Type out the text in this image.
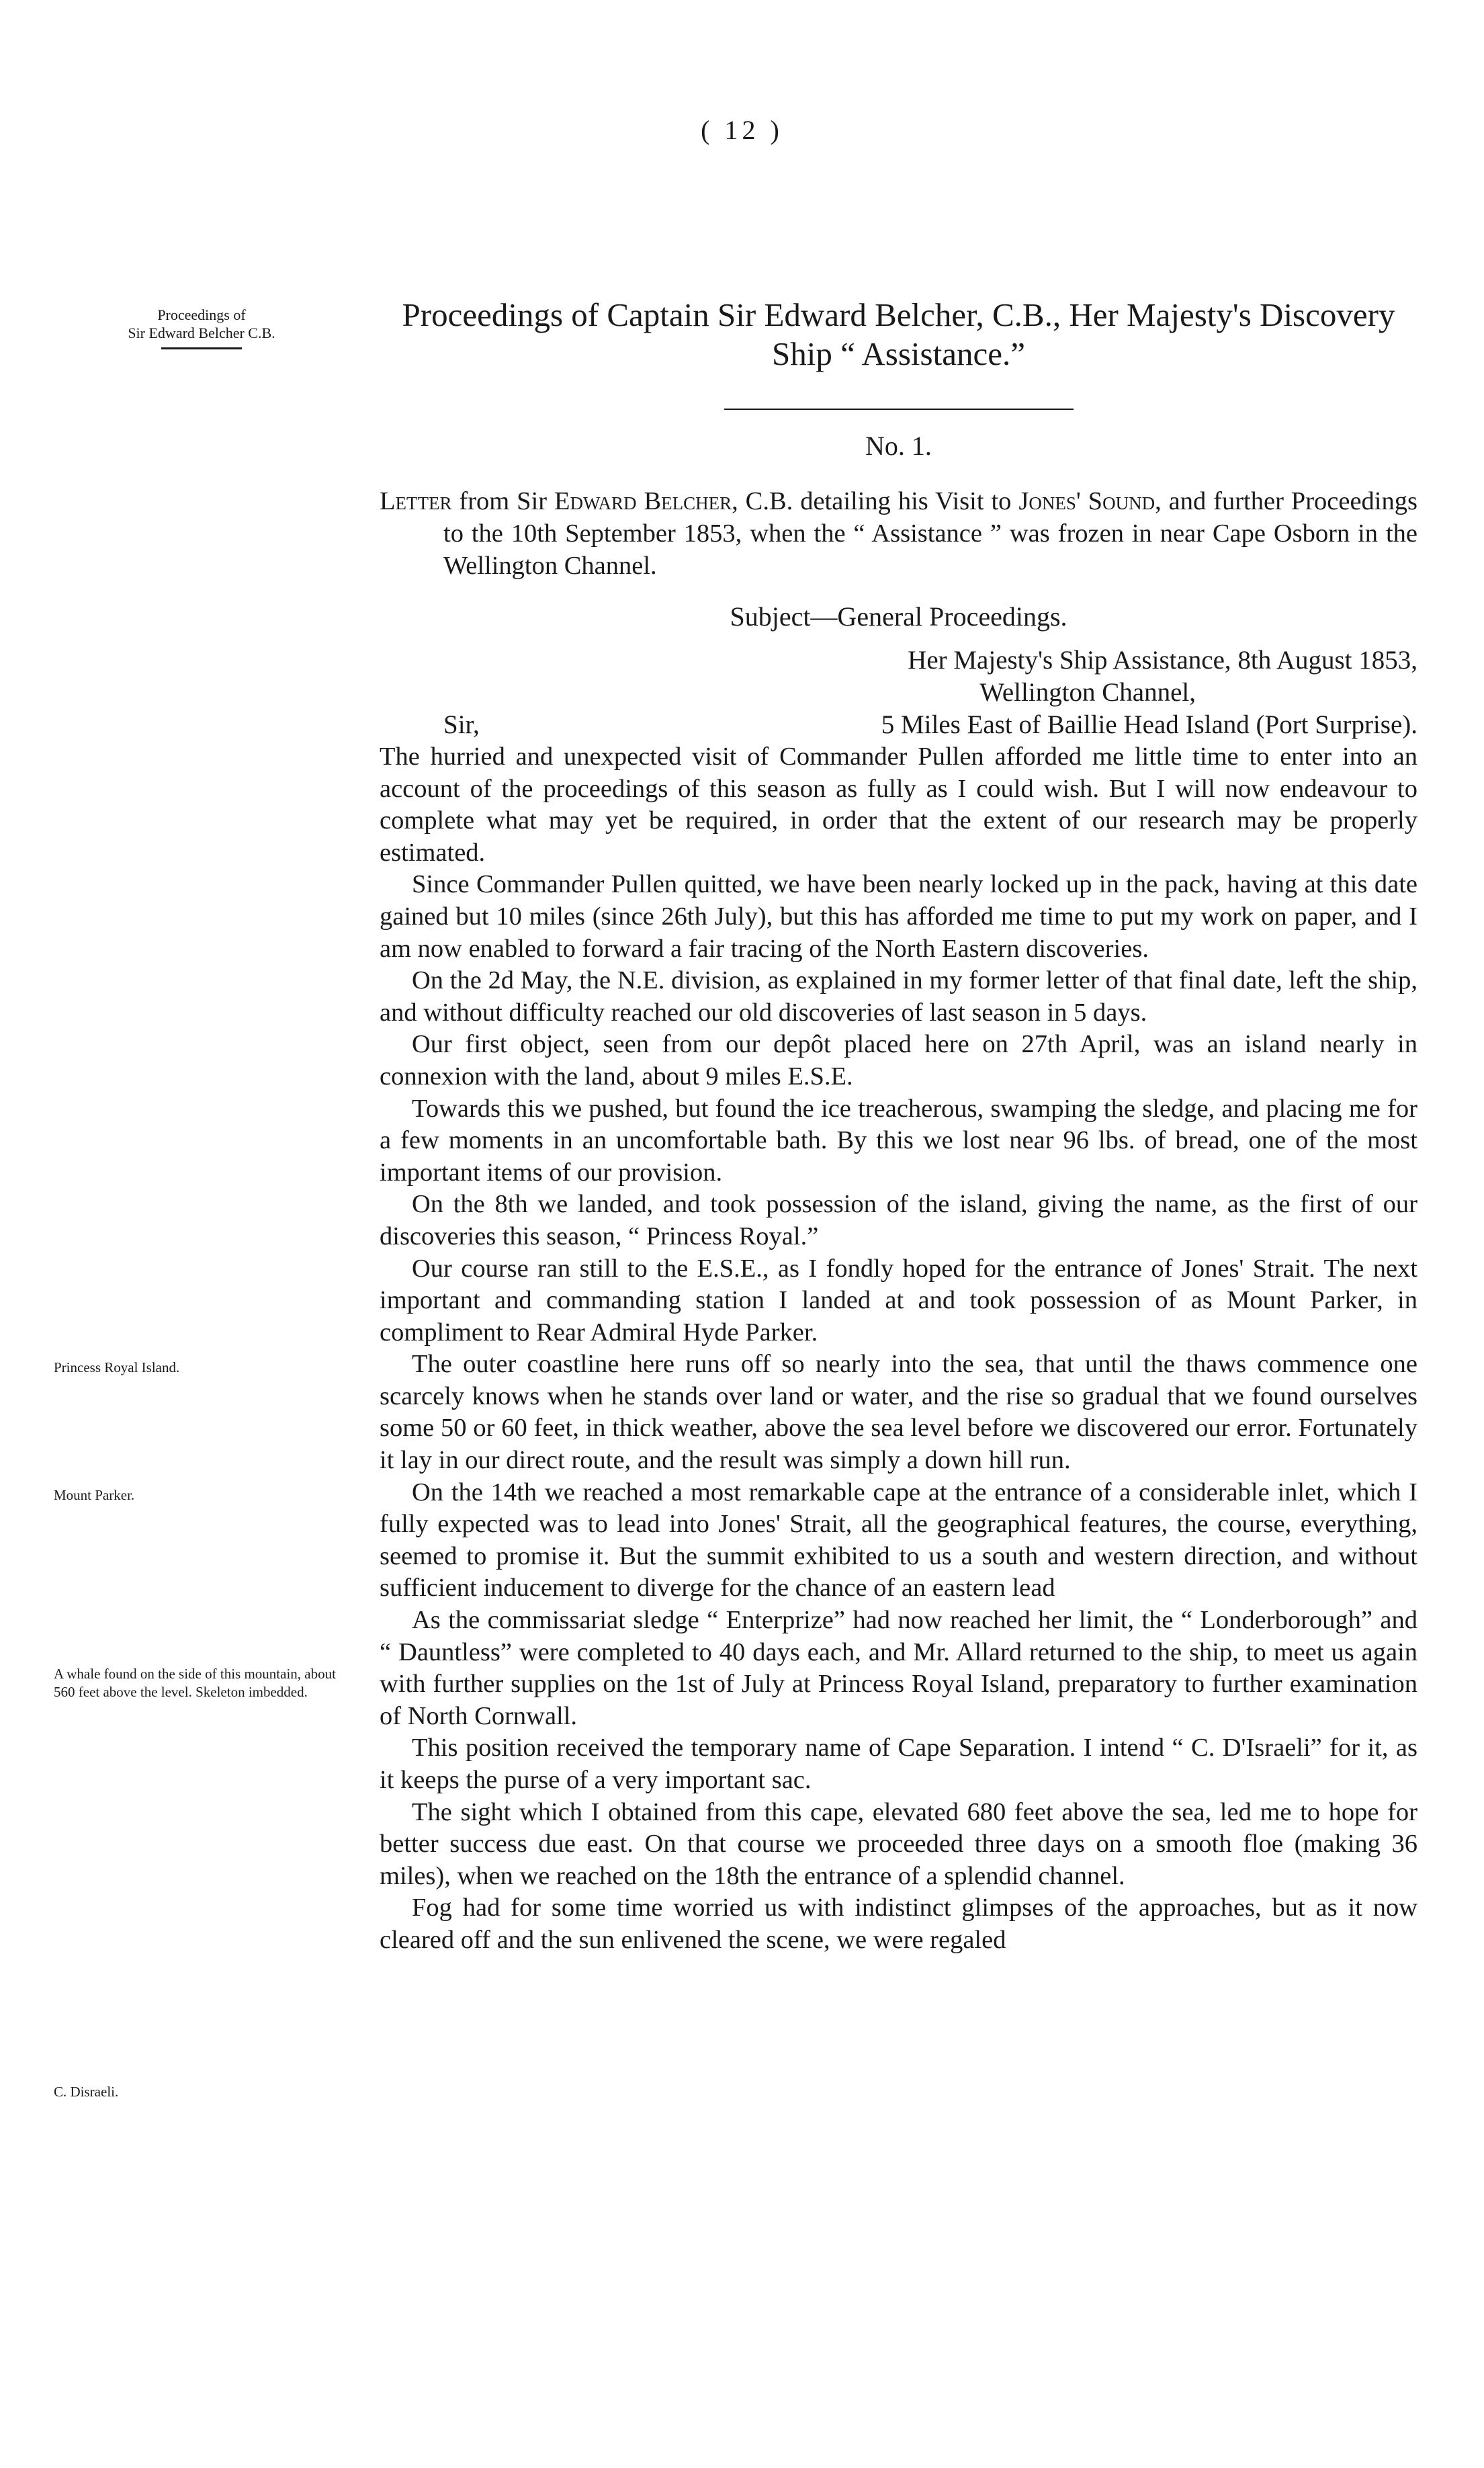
( 12 )
Proceedings of
Sir Edward Belcher C.B.
Princess Royal Island.
Mount Parker.
A whale found on the side of this mountain, about 560 feet above the level. Skeleton imbedded.
C. Disraeli.
Proceedings of Captain Sir Edward Belcher, C.B., Her Majesty's Discovery Ship “ Assistance.”
No. 1.

Letter from Sir Edward Belcher, C.B. detailing his Visit to Jones' Sound, and further Proceedings to the 10th September 1853, when the “ Assistance ” was frozen in near Cape Osborn in the Wellington Channel.

Subject—General Proceedings.

Her Majesty's Ship Assistance, 8th August 1853,

Wellington Channel,

Sir,	5 Miles East of Baillie Head Island (Port Surprise).

The hurried and unexpected visit of Commander Pullen afforded me little time to enter into an account of the proceedings of this season as fully as I could wish. But I will now endeavour to complete what may yet be required, in order that the extent of our research may be properly estimated.

Since Commander Pullen quitted, we have been nearly locked up in the pack, having at this date gained but 10 miles (since 26th July), but this has afforded me time to put my work on paper, and I am now enabled to forward a fair tracing of the North Eastern discoveries.

On the 2d May, the N.E. division, as explained in my former letter of that final date, left the ship, and without difficulty reached our old discoveries of last season in 5 days.

Our first object, seen from our depôt placed here on 27th April, was an island nearly in connexion with the land, about 9 miles E.S.E.

Towards this we pushed, but found the ice treacherous, swamping the sledge, and placing me for a few moments in an uncomfortable bath. By this we lost near 96 lbs. of bread, one of the most important items of our provision.

On the 8th we landed, and took possession of the island, giving the name, as the first of our discoveries this season, “ Princess Royal.”

Our course ran still to the E.S.E., as I fondly hoped for the entrance of Jones' Strait. The next important and commanding station I landed at and took possession of as Mount Parker, in compliment to Rear Admiral Hyde Parker.

The outer coastline here runs off so nearly into the sea, that until the thaws commence one scarcely knows when he stands over land or water, and the rise so gradual that we found ourselves some 50 or 60 feet, in thick weather, above the sea level before we discovered our error. Fortunately it lay in our direct route, and the result was simply a down hill run.

On the 14th we reached a most remarkable cape at the entrance of a considerable inlet, which I fully expected was to lead into Jones' Strait, all the geographical features, the course, everything, seemed to promise it. But the summit exhibited to us a south and western direction, and without sufficient inducement to diverge for the chance of an eastern lead

As the commissariat sledge “ Enterprize” had now reached her limit, the “ Londerborough” and “ Dauntless” were completed to 40 days each, and Mr. Allard returned to the ship, to meet us again with further supplies on the 1st of July at Princess Royal Island, preparatory to further examination of North Cornwall.

This position received the temporary name of Cape Separation. I intend “ C. D'Israeli” for it, as it keeps the purse of a very important sac.

The sight which I obtained from this cape, elevated 680 feet above the sea, led me to hope for better success due east. On that course we proceeded three days on a smooth floe (making 36 miles), when we reached on the 18th the entrance of a splendid channel.

Fog had for some time worried us with indistinct glimpses of the approaches, but as it now cleared off and the sun enlivened the scene, we were regaled
